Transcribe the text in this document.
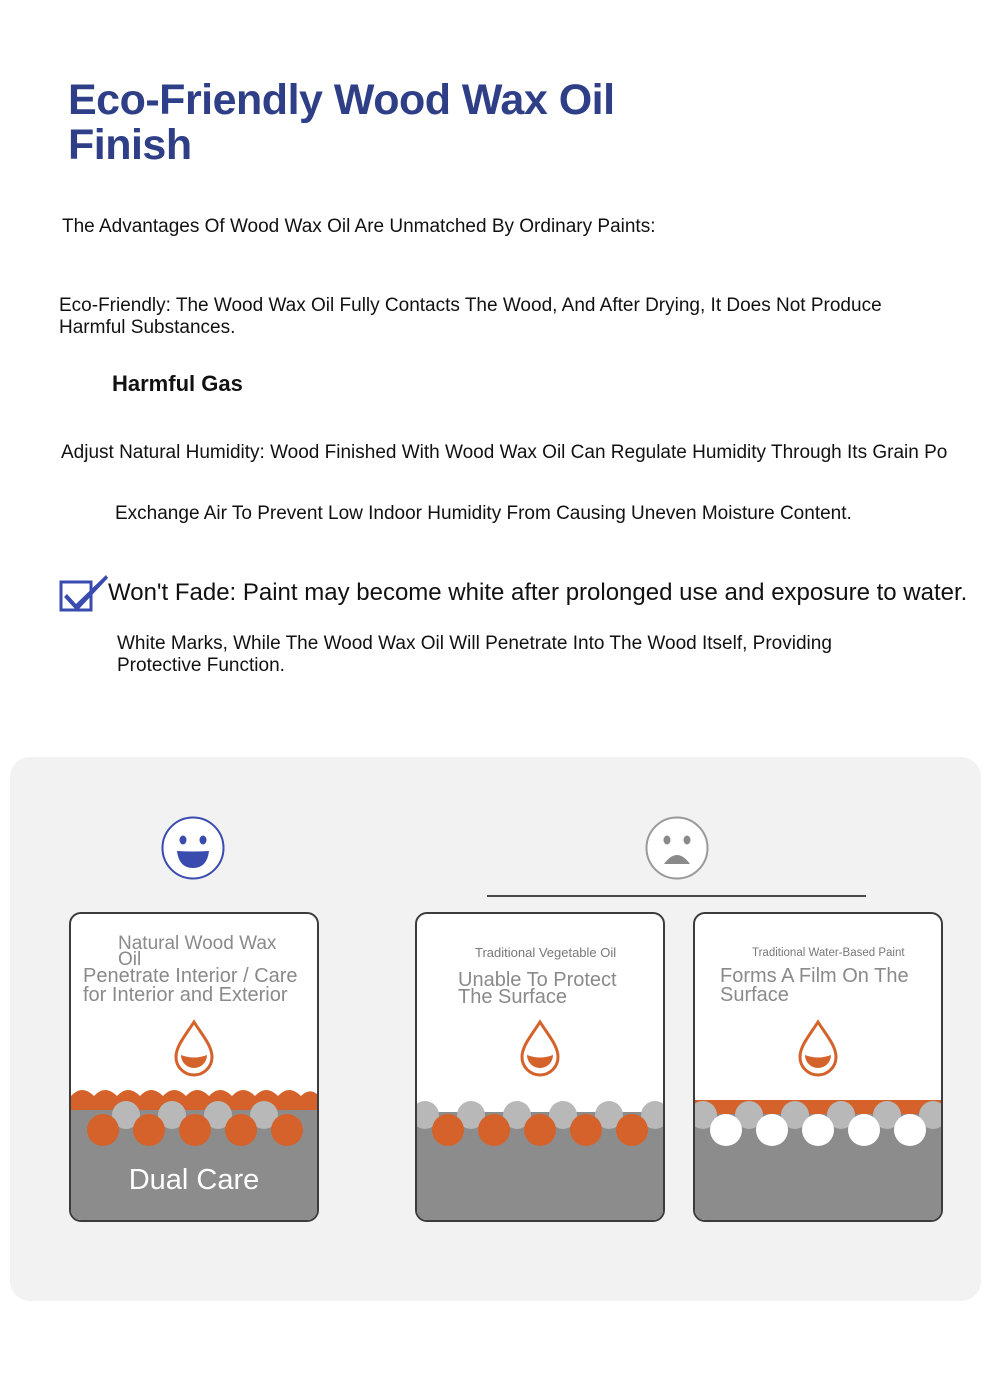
Eco-Friendly Wood Wax Oil Finish
The Advantages Of Wood Wax Oil Are Unmatched By Ordinary Paints:
Eco-Friendly: The Wood Wax Oil Fully Contacts The Wood, And After Drying, It Does Not Produce Harmful Substances.
Harmful Gas
Adjust Natural Humidity: Wood Finished With Wood Wax Oil Can Regulate Humidity Through Its Grain Po
Exchange Air To Prevent Low Indoor Humidity From Causing Uneven Moisture Content.
Won't Fade: Paint may become white after prolonged use and exposure to water.
White Marks, While The Wood Wax Oil Will Penetrate Into The Wood Itself, Providing Protective Function.
Natural Wood Wax Oil
Penetrate Interior / Care for Interior and Exterior
Dual Care
Traditional Vegetable Oil
Unable To Protect The Surface
Traditional Water-Based Paint
Forms A Film On The Surface
